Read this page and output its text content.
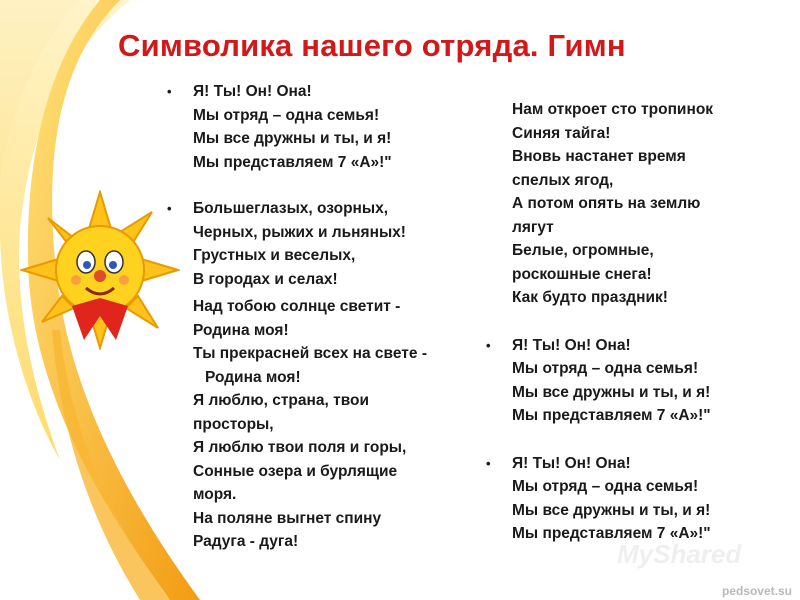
Символика нашего отряда. Гимн
• Я! Ты! Он! Она!
Мы отряд – одна семья!
Мы все дружны и ты, и я!
Мы представляем 7 «А»!"
• Большеглазых, озорных,
Черных, рыжих и льняных!
Грустных и веселых,
В городах и селах!
Над тобою солнце светит -
Родина моя!
Ты прекрасней всех на свете -
Родина моя!
Я люблю, страна, твои
просторы,
Я люблю твои поля и горы,
Сонные озера и бурлящие
моря.
На поляне выгнет спину
Радуга - дуга!
Нам откроет сто тропинок
Синяя тайга!
Вновь настанет время
спелых ягод,
А потом опять на землю
лягут
Белые, огромные,
роскошные снега!
Как будто праздник!
• Я! Ты! Он! Она!
Мы отряд – одна семья!
Мы все дружны и ты, и я!
Мы представляем 7 «А»!"
• Я! Ты! Он! Она!
Мы отряд – одна семья!
Мы все дружны и ты, и я!
Мы представляем 7 «А»!"
MyShared
pedsovet.su
